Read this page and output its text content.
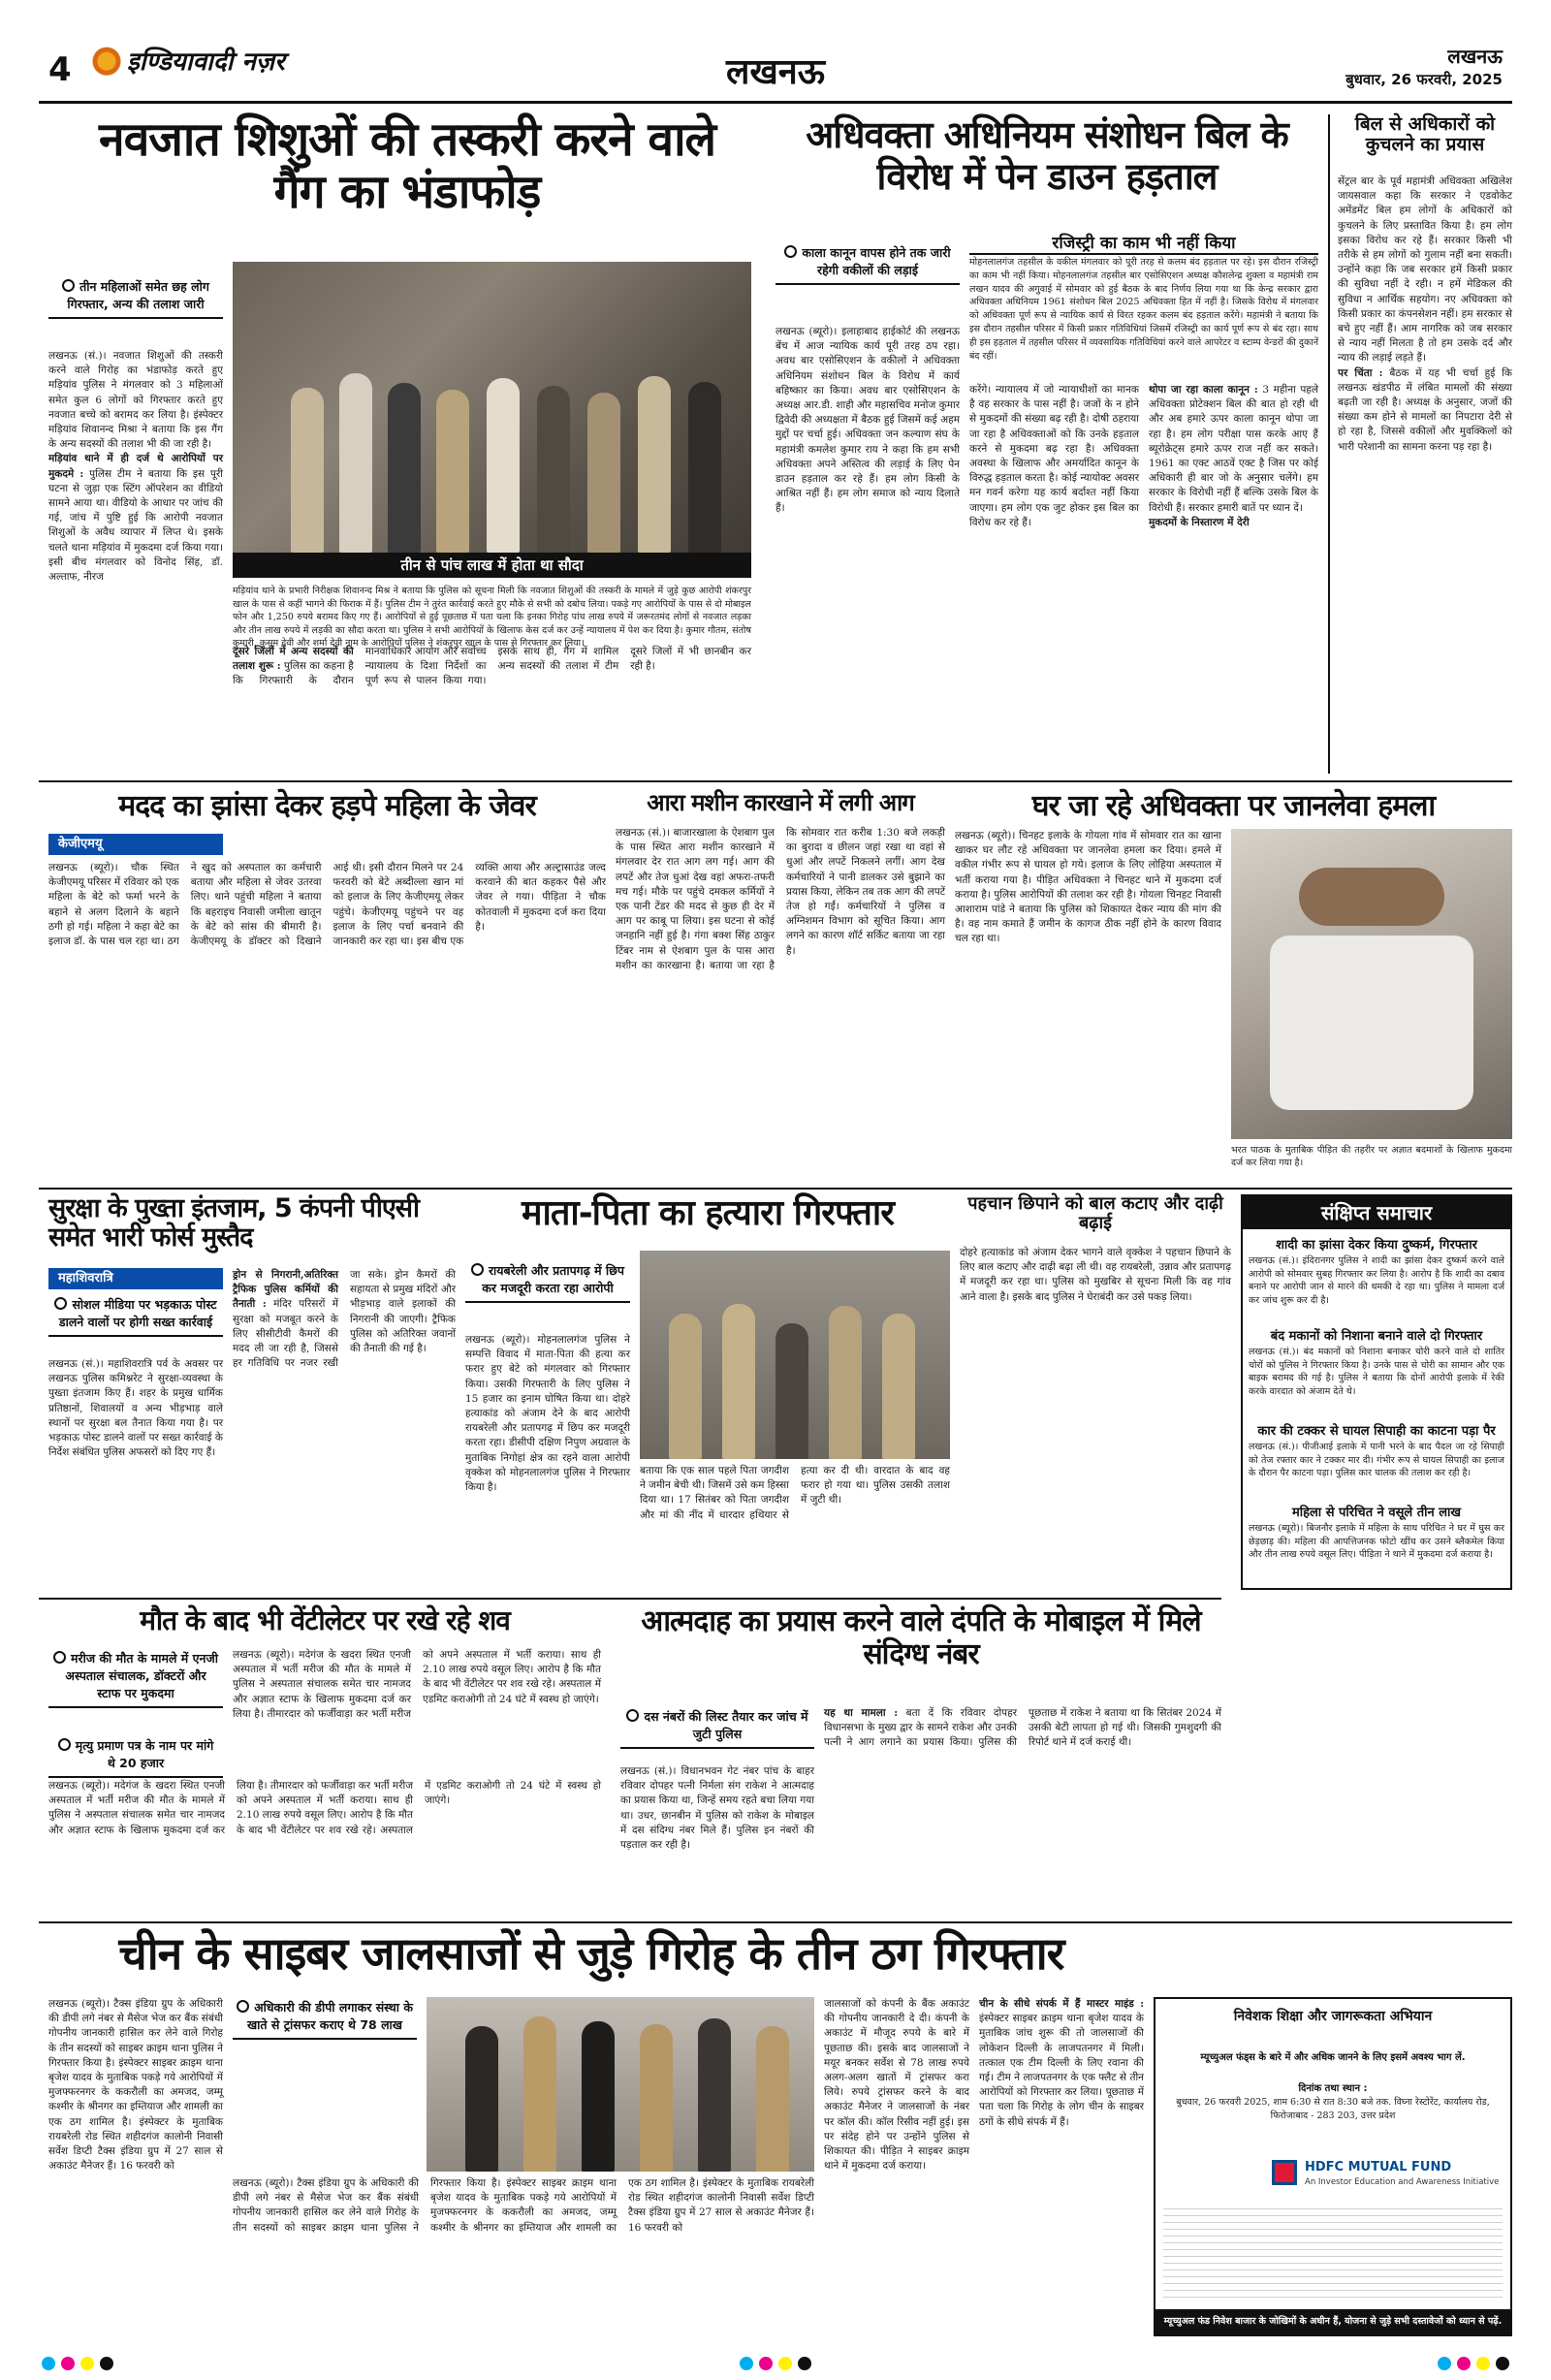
4 इण्डियावादी नज़र	लखनऊ	लखनऊ
बुधवार, 26 फरवरी, 2025
नवजात शिशुओं की तस्करी करने वाले गैंग का भंडाफोड़
तीन महिलाओं समेत छह लोग गिरफ्तार, अन्य की तलाश जारी
लखनऊ (सं.)। नवजात शिशुओं की तस्करी करने वाले गिरोह का भंडाफोड़ करते हुए मड़ियांव पुलिस ने मंगलवार को 3 महिलाओं समेत कुल 6 लोगों को गिरफ्तार करते हुए नवजात बच्चे को बरामद कर लिया है। इंस्पेक्टर मड़ियांव शिवानन्द मिश्रा ने बताया कि इस गैंग के अन्य सदस्यों की तलाश भी की जा रही है।
मड़ियांव थाने में ही दर्ज थे आरोपियों पर मुकदमे : पुलिस टीम ने बताया कि इस पूरी घटना से जुड़ा एक स्टिंग ऑपरेशन का वीडियो सामने आया था। वीडियो के आधार पर जांच की गई, जांच में पुष्टि हुई कि आरोपी नवजात शिशुओं के अवैध व्यापार में लिप्त थे। इसके चलते थाना मड़ियांव में मुकदमा दर्ज किया गया। इसी बीच मंगलवार को विनोद सिंह, डॉ. अल्ताफ, नीरज
तीन से पांच लाख में होता था सौदा
मड़ियांव थाने के प्रभारी निरीक्षक शिवानन्द मिश्र ने बताया कि पुलिस को सूचना मिली कि नवजात शिशुओं की तस्करी के मामले में जुड़े कुछ आरोपी शंकरपुर खाल के पास से कहीं भागने की फिराक में हैं। पुलिस टीम ने तुरंत कार्रवाई करते हुए मौके से सभी को दबोच लिया। पकड़े गए आरोपियों के पास से दो मोबाइल फोन और 1,250 रुपये बरामद किए गए हैं। आरोपियों से हुई पूछताछ में पता चला कि इनका गिरोह पांच लाख रुपये में जरूरतमंद लोगों से नवजात लड़का और तीन लाख रुपये में लड़की का सौदा करता था। पुलिस ने सभी आरोपियों के खिलाफ केस दर्ज कर उन्हें न्यायालय में पेश कर दिया है। कुमार गौतम, संतोष कुमारी, कुसुम देवी और शर्मा देवी नाम के आरोपियों पुलिस ने शंकरपुर खाल के पास से गिरफ्तार कर लिया।
दूसरे जिलों में अन्य सदस्यों की तलाश शुरू : पुलिस का कहना है कि गिरफ्तारी के दौरान मानवाधिकार आयोग और सर्वोच्च न्यायालय के दिशा निर्देशों का पूर्ण रूप से पालन किया गया। इसके साथ ही, गैंग में शामिल अन्य सदस्यों की तलाश में टीम दूसरे जिलों में भी छानबीन कर रही है।
अधिवक्ता अधिनियम संशोधन बिल के विरोध में पेन डाउन हड़ताल
रजिस्ट्री का काम भी नहीं किया
काला कानून वापस होने तक जारी रहेगी वकीलों की लड़ाई
मोहनलालगंज तहसील के वकील मंगलवार को पूरी तरह से कलम बंद हड़ताल पर रहे। इस दौरान रजिस्ट्री का काम भी नहीं किया। मोहनलालगंज तहसील बार एसोसिएशन अध्यक्ष कौशलेन्द्र शुक्ला व महामंत्री राम लखन यादव की अगुवाई में सोमवार को हुई बैठक के बाद निर्णय लिया गया था कि केन्द्र सरकार द्वारा अधिवक्ता अधिनियम 1961 संशोधन बिल 2025 अधिवक्ता हित में नहीं है। जिसके विरोध में मंगलवार को अधिवक्ता पूर्ण रूप से न्यायिक कार्य से विरत रहकर कलम बंद हड़ताल करेंगे। महामंत्री ने बताया कि इस दौरान तहसील परिसर में किसी प्रकार गतिविधियां जिसमें रजिस्ट्री का कार्य पूर्ण रूप से बंद रहा। साथ ही इस हड़ताल में तहसील परिसर में व्यवसायिक गतिविधियां करने वाले आपरेटर व स्टाम्प वेन्डरों की दुकानें बंद रहीं।
लखनऊ (ब्यूरो)। इलाहाबाद हाईकोर्ट की लखनऊ बेंच में आज न्यायिक कार्य पूरी तरह ठप रहा। अवध बार एसोसिएशन के वकीलों ने अधिवक्ता अधिनियम संशोधन बिल के विरोध में कार्य बहिष्कार का किया। अवध बार एसोसिएशन के अध्यक्ष आर.डी. शाही और महासचिव मनोज कुमार द्विवेदी की अध्यक्षता में बैठक हुई जिसमें कई अहम मुद्दों पर चर्चा हुई। अधिवक्ता जन कल्याण संघ के महामंत्री कमलेश कुमार राय ने कहा कि हम सभी अधिवक्ता अपने अस्तित्व की लड़ाई के लिए पेन डाउन हड़ताल कर रहे हैं। हम लोग किसी के आश्रित नहीं हैं। हम लोग समाज को न्याय दिलाते हैं।
करेंगे। न्यायालय में जो न्यायाधीशों का मानक है वह सरकार के पास नहीं है। जजों के न होने से मुकदमों की संख्या बढ़ रही है। दोषी ठहराया जा रहा है अधिवक्ताओं को कि उनके हड़ताल करने से मुकदमा बढ़ रहा है। अधिवक्ता अवस्था के खिलाफ और अमर्यादित कानून के विरुद्ध हड़ताल करता है। कोई न्यायोक्ट अवसर मन गवर्न करेगा यह कार्य बर्दाश्त नहीं किया जाएगा। हम लोग एक जुट होकर इस बिल का विरोध कर रहे हैं।
थोपा जा रहा काला कानून : 3 महीना पहले अधिवक्ता प्रोटेक्शन बिल की बात हो रही थी और अब हमारे ऊपर काला कानून थोपा जा रहा है। हम लोग परीक्षा पास करके आए हैं ब्यूरोक्रेट्स हमारे ऊपर राज नहीं कर सकते। 1961 का एक्ट आठवें एक्ट है जिस पर कोई अधिकारी ही बार जो के अनुसार चलेंगे। हम सरकार के विरोधी नहीं हैं बल्कि उसके बिल के विरोधी हैं। सरकार हमारी बातें पर ध्यान दें।
मुकदमों के निस्तारण में देरी
बिल से अधिकारों को कुचलने का प्रयास
सेंट्रल बार के पूर्व महामंत्री अधिवक्ता अखिलेश जायसवाल कहा कि सरकार ने एडवोकेट अमेंडमेंट बिल हम लोगों के अधिकारों को कुचलने के लिए प्रस्तावित किया है। हम लोग इसका विरोध कर रहे हैं। सरकार किसी भी तरीके से हम लोगों को गुलाम नहीं बना सकती। उन्होंने कहा कि जब सरकार हमें किसी प्रकार की सुविधा नहीं दे रही। न हमें मेडिकल की सुविधा न आर्थिक सहयोग। नए अधिवक्ता को किसी प्रकार का कंपनसेशन नहीं। हम सरकार से बचे हुए नहीं हैं। आम नागरिक को जब सरकार से न्याय नहीं मिलता है तो हम उसके दर्द और न्याय की लड़ाई लड़ते हैं।
पर चिंता : बैठक में यह भी चर्चा हुई कि लखनऊ खंडपीठ में लंबित मामलों की संख्या बढ़ती जा रही है। अध्यक्ष के अनुसार, जजों की संख्या कम होने से मामलों का निपटारा देरी से हो रहा है, जिससे वकीलों और मुवक्किलों को भारी परेशानी का सामना करना पड़ रहा है।
मदद का झांसा देकर हड़पे महिला के जेवर
केजीएमयू
लखनऊ (ब्यूरो)। चौक स्थित केजीएमयू परिसर में रविवार को एक महिला के बेटे को फर्मा भरने के बहाने से अलग दिलाने के बहाने ठगी हो गई। महिला ने कहा बेटे का इलाज डॉ. के पास चल रहा था। ठग ने खुद को अस्पताल का कर्मचारी बताया और महिला से जेवर उतरवा लिए। थाने पहुंची महिला ने बताया कि बहराइच निवासी जमीला खातून के बेटे को सांस की बीमारी है। केजीएमयू के डॉक्टर को दिखाने आई थी। इसी दौरान मिलने पर 24 फरवरी को बेटे अब्दील्ला खान मां को इलाज के लिए केजीएमयू लेकर पहुंचे। केजीएमयू पहुंचने पर वह इलाज के लिए पर्चा बनवाने की जानकारी कर रहा था। इस बीच एक व्यक्ति आया और अल्ट्रासाउंड जल्द करवाने की बात कहकर पैसे और जेवर ले गया। पीड़िता ने चौक कोतवाली में मुकदमा दर्ज करा दिया है।
आरा मशीन कारखाने में लगी आग
लखनऊ (सं.)। बाजारखाला के ऐशबाग पुल के पास स्थित आरा मशीन कारखाने में मंगलवार देर रात आग लग गई। आग की लपटें और तेज धुआं देख वहां अफरा-तफरी मच गई। मौके पर पहुंचे दमकल कर्मियों ने एक पानी टेंडर की मदद से कुछ ही देर में आग पर काबू पा लिया। इस घटना से कोई जनहानि नहीं हुई है। गंगा बक्श सिंह ठाकुर टिंबर नाम से ऐशबाग पुल के पास आरा मशीन का कारखाना है। बताया जा रहा है कि सोमवार रात करीब 1:30 बजे लकड़ी का बुरादा व छीलन जहां रखा था वहां से धुआं और लपटें निकलने लगीं। आग देख कर्मचारियों ने पानी डालकर उसे बुझाने का प्रयास किया, लेकिन तब तक आग की लपटें तेज हो गईं। कर्मचारियों ने पुलिस व अग्निशमन विभाग को सूचित किया। आग लगने का कारण शॉर्ट सर्किट बताया जा रहा है।
घर जा रहे अधिवक्ता पर जानलेवा हमला
लखनऊ (ब्यूरो)। चिनहट इलाके के गोयला गांव में सोमवार रात का खाना खाकर घर लौट रहे अधिवक्ता पर जानलेवा हमला कर दिया। हमले में वकील गंभीर रूप से घायल हो गये। इलाज के लिए लोहिया अस्पताल में भर्ती कराया गया है। पीड़ित अधिवक्ता ने चिनहट थाने में मुकदमा दर्ज कराया है। पुलिस आरोपियों की तलाश कर रही है। गोयला चिनहट निवासी आशाराम पांडे ने बताया कि पुलिस को शिकायत देकर न्याय की मांग की है। वह नाम कमाते हैं जमीन के कागज ठीक नहीं होने के कारण विवाद चल रहा था।
भरत पाठक के मुताबिक पीड़ित की तहरीर पर अज्ञात बदमाशों के खिलाफ मुकदमा दर्ज कर लिया गया है।
सुरक्षा के पुख्ता इंतजाम, 5 कंपनी पीएसी समेत भारी फोर्स मुस्तैद
महाशिवरात्रि
सोशल मीडिया पर भड़काऊ पोस्ट डालने वालों पर होगी सख्त कार्रवाई
लखनऊ (सं.)। महाशिवरात्रि पर्व के अवसर पर लखनऊ पुलिस कमिश्नरेट ने सुरक्षा-व्यवस्था के पुख्ता इंतजाम किए हैं। शहर के प्रमुख धार्मिक प्रतिष्ठानों, शिवालयों व अन्य भीड़भाड़ वाले स्थानों पर सुरक्षा बल तैनात किया गया है। पर भड़काऊ पोस्ट डालने वालों पर सख्त कार्रवाई के निर्देश संबंधित पुलिस अफसरों को दिए गए हैं।
ड्रोन से निगरानी,अतिरिक्त ट्रैफिक पुलिस कर्मियों की तैनाती : मंदिर परिसरों में सुरक्षा को मजबूत करने के लिए सीसीटीवी कैमरों की मदद ली जा रही है, जिससे हर गतिविधि पर नजर रखी जा सके। ड्रोन कैमरों की सहायता से प्रमुख मंदिरों और भीड़भाड़ वाले इलाकों की निगरानी की जाएगी। ट्रैफिक पुलिस को अतिरिक्त जवानों की तैनाती की गई है।
माता-पिता का हत्यारा गिरफ्तार
रायबरेली और प्रतापगढ़ में छिप कर मजदूरी करता रहा आरोपी
लखनऊ (ब्यूरो)। मोहनलालगंज पुलिस ने सम्पत्ति विवाद में माता-पिता की हत्या कर फरार हुए बेटे को मंगलवार को गिरफ्तार किया। उसकी गिरफ्तारी के लिए पुलिस ने 15 हजार का इनाम घोषित किया था। दोहरे हत्याकांड को अंजाम देने के बाद आरोपी रायबरेली और प्रतापगढ़ में छिप कर मजदूरी करता रहा। डीसीपी दक्षिण निपुण अग्रवाल के मुताबिक निगोहां क्षेत्र का रहने वाला आरोपी वृक्केश को मोहनलालगंज पुलिस ने गिरफ्तार किया है।
बताया कि एक साल पहले पिता जगदीश ने जमीन बेची थी। जिसमें उसे कम हिस्सा दिया था। 17 सितंबर को पिता जगदीश और मां की नींद में धारदार हथियार से हत्या कर दी थी। वारदात के बाद वह फरार हो गया था। पुलिस उसकी तलाश में जुटी थी।
पहचान छिपाने को बाल कटाए और दाढ़ी बढ़ाई
दोहरे हत्याकांड को अंजाम देकर भागने वाले वृक्केश ने पहचान छिपाने के लिए बाल कटाए और दाढ़ी बढ़ा ली थी। वह रायबरेली, उन्नाव और प्रतापगढ़ में मजदूरी कर रहा था। पुलिस को मुखबिर से सूचना मिली कि वह गांव आने वाला है। इसके बाद पुलिस ने घेराबंदी कर उसे पकड़ लिया।
संक्षिप्त समाचार
शादी का झांसा देकर किया दुष्कर्म, गिरफ्तार
लखनऊ (सं.)। इंदिरानगर पुलिस ने शादी का झांसा देकर दुष्कर्म करने वाले आरोपी को सोमवार सुबह गिरफ्तार कर लिया है। आरोप है कि शादी का दबाव बनाने पर आरोपी जान से मारने की धमकी दे रहा था। पुलिस ने मामला दर्ज कर जांच शुरू कर दी है।
बंद मकानों को निशाना बनाने वाले दो गिरफ्तार
लखनऊ (सं.)। बंद मकानों को निशाना बनाकर चोरी करने वाले दो शातिर चोरों को पुलिस ने गिरफ्तार किया है। उनके पास से चोरी का सामान और एक बाइक बरामद की गई है। पुलिस ने बताया कि दोनों आरोपी इलाके में रेकी करके वारदात को अंजाम देते थे।
कार की टक्कर से घायल सिपाही का काटना पड़ा पैर
लखनऊ (सं.)। पीजीआई इलाके में पानी भरने के बाद पैदल जा रहे सिपाही को तेज रफ्तार कार ने टक्कर मार दी। गंभीर रूप से घायल सिपाही का इलाज के दौरान पैर काटना पड़ा। पुलिस कार चालक की तलाश कर रही है।
महिला से परिचित ने वसूले तीन लाख
लखनऊ (ब्यूरो)। बिजनौर इलाके में महिला के साथ परिचित ने घर में घुस कर छेड़छाड़ की। महिला की आपत्तिजनक फोटो खींच कर उसने ब्लैकमेल किया और तीन लाख रुपये वसूल लिए। पीड़िता ने थाने में मुकदमा दर्ज कराया है।
मौत के बाद भी वेंटीलेटर पर रखे रहे शव
मरीज की मौत के मामले में एनजी अस्पताल संचालक, डॉक्टरों और स्टाफ पर मुकदमा
मृत्यु प्रमाण पत्र के नाम पर मांगे थे 20 हजार
लखनऊ (ब्यूरो)। मदेगंज के खदरा स्थित एनजी अस्पताल में भर्ती मरीज की मौत के मामले में पुलिस ने अस्पताल संचालक समेत चार नामजद और अज्ञात स्टाफ के खिलाफ मुकदमा दर्ज कर लिया है। तीमारदार को फर्जीवाड़ा कर भर्ती मरीज को अपने अस्पताल में भर्ती कराया। साथ ही 2.10 लाख रुपये वसूल लिए। आरोप है कि मौत के बाद भी वेंटीलेटर पर शव रखे रहे। अस्पताल में एडमिट कराओगी तो 24 घंटे में स्वस्थ हो जाएंगे।
लखनऊ (ब्यूरो)। मदेगंज के खदरा स्थित एनजी अस्पताल में भर्ती मरीज की मौत के मामले में पुलिस ने अस्पताल संचालक समेत चार नामजद और अज्ञात स्टाफ के खिलाफ मुकदमा दर्ज कर लिया है। तीमारदार को फर्जीवाड़ा कर भर्ती मरीज को अपने अस्पताल में भर्ती कराया। साथ ही 2.10 लाख रुपये वसूल लिए। आरोप है कि मौत के बाद भी वेंटीलेटर पर शव रखे रहे। अस्पताल में एडमिट कराओगी तो 24 घंटे में स्वस्थ हो जाएंगे।
आत्मदाह का प्रयास करने वाले दंपति के मोबाइल में मिले संदिग्ध नंबर
दस नंबरों की लिस्ट तैयार कर जांच में जुटी पुलिस
लखनऊ (सं.)। विधानभवन गेट नंबर पांच के बाहर रविवार दोपहर पत्नी निर्मला संग राकेश ने आत्मदाह का प्रयास किया था, जिन्हें समय रहते बचा लिया गया था। उधर, छानबीन में पुलिस को राकेश के मोबाइल में दस संदिग्ध नंबर मिले हैं। पुलिस इन नंबरों की पड़ताल कर रही है।
यह था मामला : बता दें कि रविवार दोपहर विधानसभा के मुख्य द्वार के सामने राकेश और उनकी पत्नी ने आग लगाने का प्रयास किया। पुलिस की पूछताछ में राकेश ने बताया था कि सितंबर 2024 में उसकी बेटी लापता हो गई थी। जिसकी गुमशुदगी की रिपोर्ट थाने में दर्ज कराई थी।
चीन के साइबर जालसाजों से जुड़े गिरोह के तीन ठग गिरफ्तार
लखनऊ (ब्यूरो)। टैक्स इंडिया ग्रुप के अधिकारी की डीपी लगे नंबर से मैसेज भेज कर बैंक संबंधी गोपनीय जानकारी हासिल कर लेने वाले गिरोह के तीन सदस्यों को साइबर क्राइम थाना पुलिस ने गिरफ्तार किया है। इंस्पेक्टर साइबर क्राइम थाना बृजेश यादव के मुताबिक पकड़े गये आरोपियों में मुजफ्फरनगर के ककरौली का अमजद, जम्मू कश्मीर के श्रीनगर का इम्तियाज और शामली का एक ठग शामिल है। इंस्पेक्टर के मुताबिक रायबरेली रोड स्थित शहीदगंज कालोनी निवासी सर्वेश डिप्टी टैक्स इंडिया ग्रुप में 27 साल से अकाउंट मैनेजर हैं। 16 फरवरी को
अधिकारी की डीपी लगाकर संस्था के खाते से ट्रांसफर कराए थे 78 लाख
लखनऊ (ब्यूरो)। टैक्स इंडिया ग्रुप के अधिकारी की डीपी लगे नंबर से मैसेज भेज कर बैंक संबंधी गोपनीय जानकारी हासिल कर लेने वाले गिरोह के तीन सदस्यों को साइबर क्राइम थाना पुलिस ने गिरफ्तार किया है। इंस्पेक्टर साइबर क्राइम थाना बृजेश यादव के मुताबिक पकड़े गये आरोपियों में मुजफ्फरनगर के ककरौली का अमजद, जम्मू कश्मीर के श्रीनगर का इम्तियाज और शामली का एक ठग शामिल है। इंस्पेक्टर के मुताबिक रायबरेली रोड स्थित शहीदगंज कालोनी निवासी सर्वेश डिप्टी टैक्स इंडिया ग्रुप में 27 साल से अकाउंट मैनेजर हैं। 16 फरवरी को
जालसाजों को कंपनी के बैंक अकाउंट की गोपनीय जानकारी दे दी। कंपनी के अकाउंट में मौजूद रुपये के बारे में पूछताछ की। इसके बाद जालसाजों ने मयूर बनकर सर्वेश से 78 लाख रुपये अलग-अलग खातों में ट्रांसफर करा लिये। रुपये ट्रांसफर करने के बाद अकाउंट मैनेजर ने जालसाजों के नंबर पर कॉल की। कॉल रिसीव नहीं हुई। इस पर संदेह होने पर उन्होंने पुलिस से शिकायत की। पीड़ित ने साइबर क्राइम थाने में मुकदमा दर्ज कराया।
चीन के सीधे संपर्क में हैं मास्टर माइंड : इंस्पेक्टर साइबर क्राइम थाना बृजेश यादव के मुताबिक जांच शुरू की तो जालसाजों की लोकेशन दिल्ली के लाजपतनगर में मिली। तत्काल एक टीम दिल्ली के लिए रवाना की गई। टीम ने लाजपतनगर के एक फ्लैट से तीन आरोपियों को गिरफ्तार कर लिया। पूछताछ में पता चला कि गिरोह के लोग चीन के साइबर ठगों के सीधे संपर्क में हैं।
निवेशक शिक्षा और जागरूकता अभियान
म्यूच्युअल फंड्स के बारे में और अधिक जानने के लिए इसमें अवश्य भाग लें.
दिनांक तथा स्थान :
बुधवार, 26 फरवरी 2025, शाम 6:30 से रात 8:30 बजे तक. विघ्ना रेस्टोरेंट, कार्यालय रोड, फिरोजाबाद - 283 203, उत्तर प्रदेश
HDFC MUTUAL FUND
An Investor Education and Awareness Initiative
म्यूच्युअल फंड निवेश बाजार के जोखिमों के अधीन हैं, योजना से जुड़े सभी दस्तावेजों को ध्यान से पढ़ें.
